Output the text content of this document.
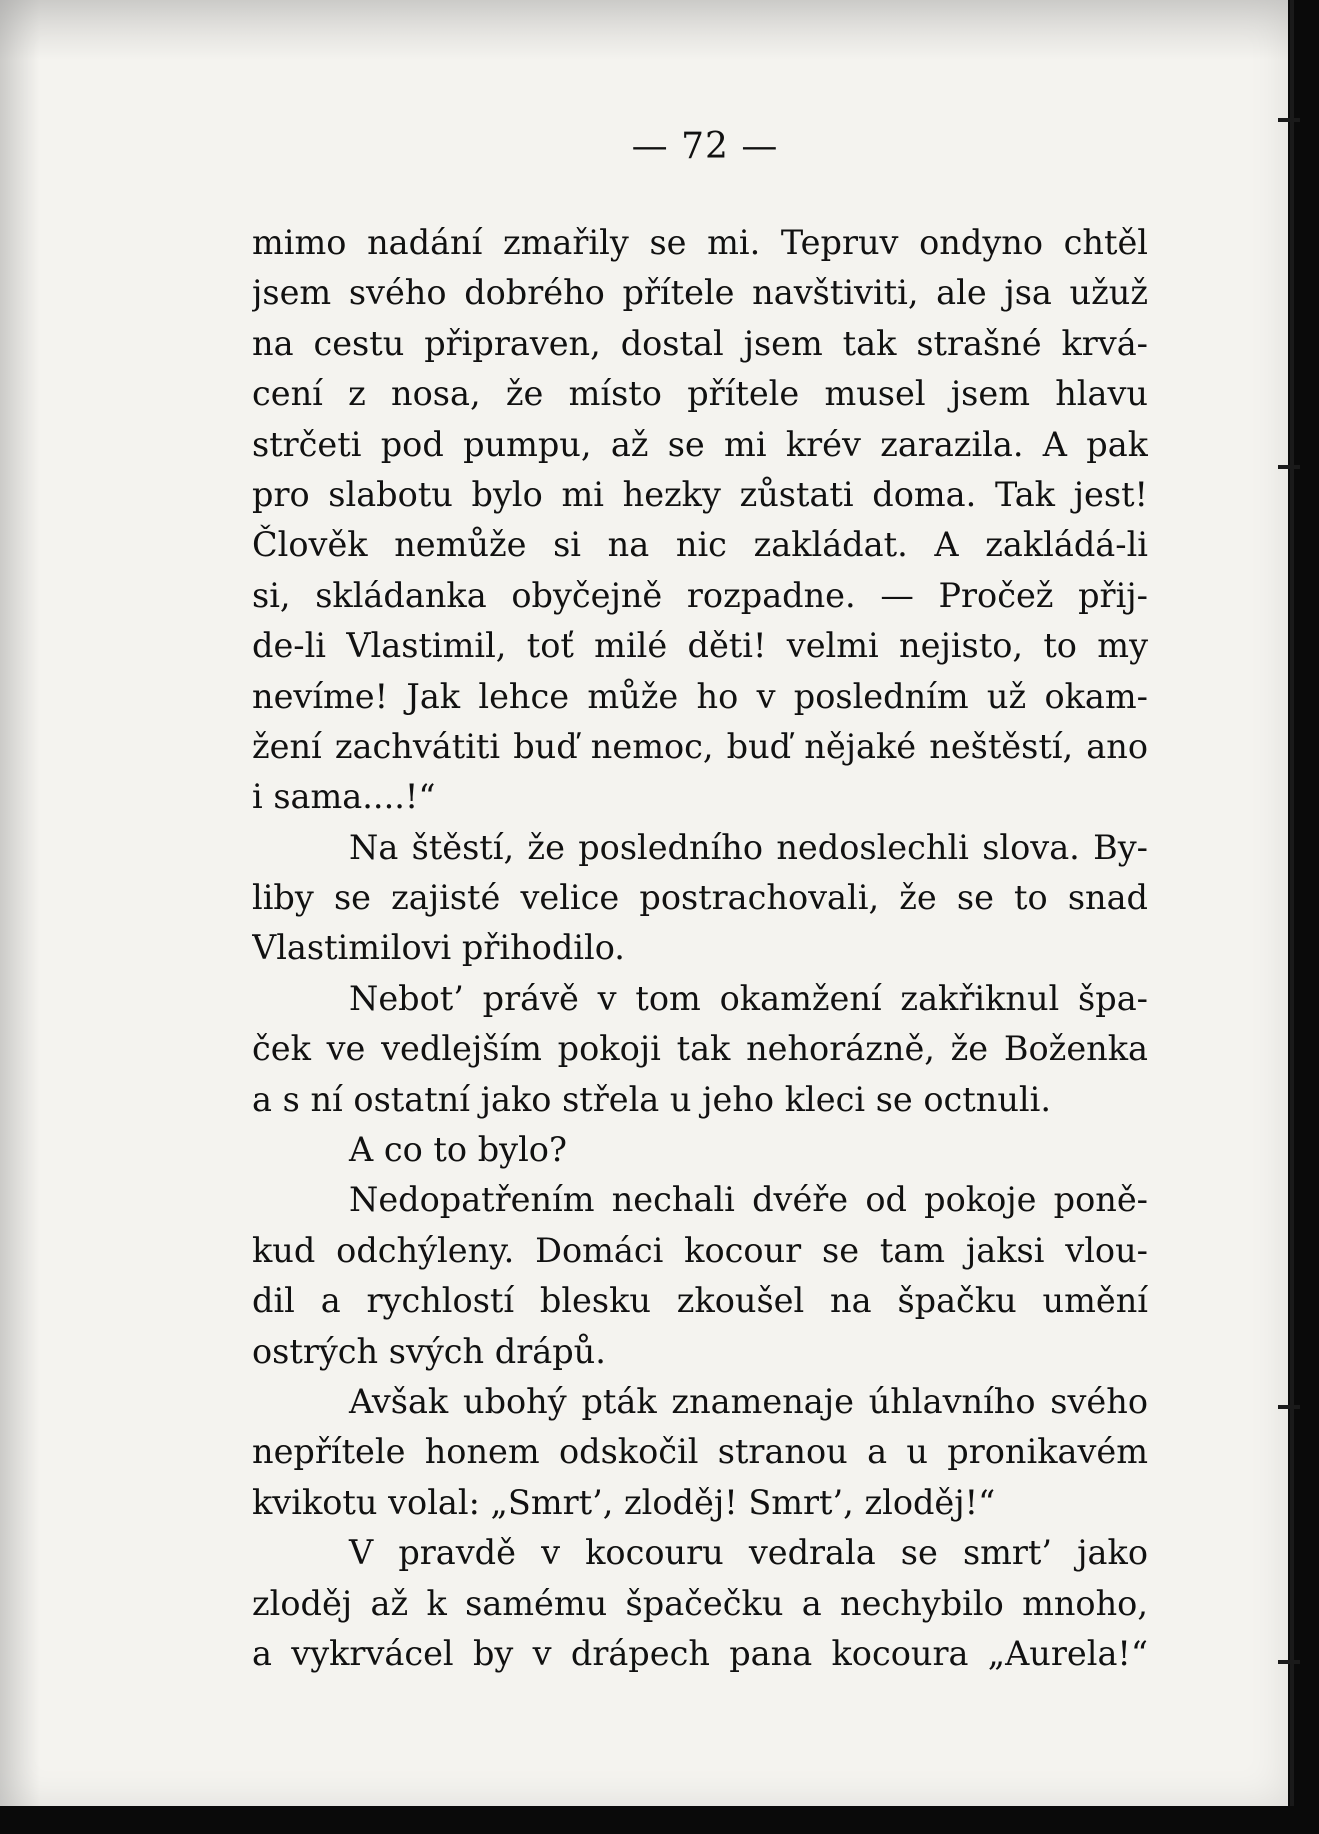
— 72 —
mimo nadání zmařily se mi. Tepruv ondyno chtěl
jsem svého dobrého přítele navštiviti, ale jsa užuž
na cestu připraven, dostal jsem tak strašné krvá-
cení z nosa, že místo přítele musel jsem hlavu
strčeti pod pumpu, až se mi krév zarazila. A pak
pro slabotu bylo mi hezky zůstati doma. Tak jest!
Člověk nemůže si na nic zakládat. A zakládá-li
si, skládanka obyčejně rozpadne. — Pročež přij-
de-li Vlastimil, toť milé děti! velmi nejisto, to my
nevíme! Jak lehce může ho v posledním už okam-
žení zachvátiti buď nemoc, buď nějaké neštěstí, ano
i sama....!“
Na štěstí, že posledního nedoslechli slova. By-
liby se zajisté velice postrachovali, že se to snad
Vlastimilovi přihodilo.
Nebot’ právě v tom okamžení zakřiknul špa-
ček ve vedlejším pokoji tak nehorázně, že Boženka
a s ní ostatní jako střela u jeho kleci se octnuli.
A co to bylo?
Nedopatřením nechali dvéře od pokoje poně-
kud odchýleny. Domáci kocour se tam jaksi vlou-
dil a rychlostí blesku zkoušel na špačku umění
ostrých svých drápů.
Avšak ubohý pták znamenaje úhlavního svého
nepřítele honem odskočil stranou a u pronikavém
kvikotu volal: „Smrt’, zloděj! Smrt’, zloděj!“
V pravdě v kocouru vedrala se smrt’ jako
zloděj až k samému špačečku a nechybilo mnoho,
a vykrvácel by v drápech pana kocoura „Aurela!“
